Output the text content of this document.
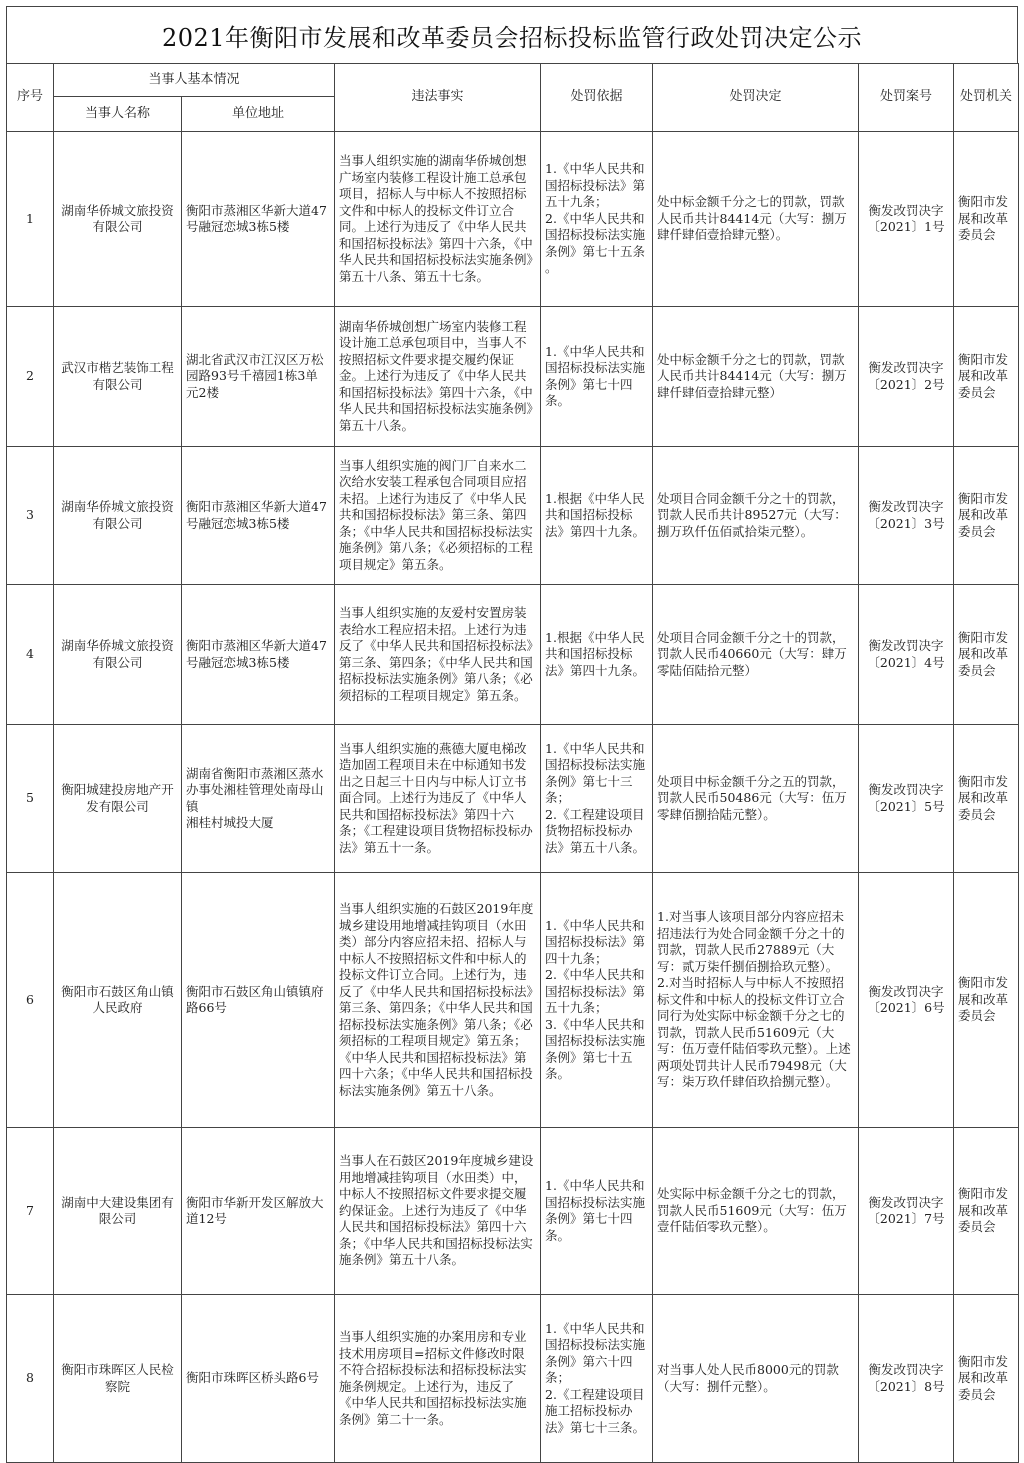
2021年衡阳市发展和改革委员会招标投标监管行政处罚决定公示
序号	当事人基本情况		违法事实	处罚依据	处罚决定	处罚案号	处罚机关
	当事人名称	单位地址					
1	湖南华侨城文旅投资有限公司	衡阳市蒸湘区华新大道47号融冠恋城3栋5楼	当事人组织实施的湖南华侨城创想广场室内装修工程设计施工总承包项目，招标人与中标人不按照招标文件和中标人的投标文件订立合同。上述行为违反了《中华人民共和国招标投标法》第四十六条，《中华人民共和国招标投标法实施条例》第五十八条、第五十七条。	1.《中华人民共和国招标投标法》第五十九条；
2.《中华人民共和国招标投标法实施条例》第七十五条 。	处中标金额千分之七的罚款，罚款人民币共计84414元（大写：捌万肆仟肆佰壹拾肆元整）。	衡发改罚决字〔2021〕1号	衡阳市发展和改革委员会
2	武汉市楷艺装饰工程有限公司	湖北省武汉市江汉区万松园路93号千禧园1栋3单元2楼	湖南华侨城创想广场室内装修工程设计施工总承包项目中，当事人不按照招标文件要求提交履约保证金。上述行为违反了《中华人民共和国招标投标法》第四十六条，《中华人民共和国招标投标法实施条例》第五十八条。	1.《中华人民共和国招标投标法实施条例》第七十四条。	处中标金额千分之七的罚款，罚款人民币共计84414元（大写：捌万肆仟肆佰壹拾肆元整）	衡发改罚决字〔2021〕2号	衡阳市发展和改革委员会
3	湖南华侨城文旅投资有限公司	衡阳市蒸湘区华新大道47号融冠恋城3栋5楼	当事人组织实施的阀门厂自来水二次给水安装工程承包合同项目应招未招。上述行为违反了《中华人民共和国招标投标法》第三条、第四条；《中华人民共和国招标投标法实施条例》第八条；《必须招标的工程项目规定》第五条。	1.根据《中华人民共和国招标投标法》第四十九条。	处项目合同金额千分之十的罚款，罚款人民币共计89527元（大写：捌万玖仟伍佰贰拾柒元整）。	衡发改罚决字〔2021〕3号	衡阳市发展和改革委员会
4	湖南华侨城文旅投资有限公司	衡阳市蒸湘区华新大道47号融冠恋城3栋5楼	当事人组织实施的友爱村安置房装表给水工程应招未招。上述行为违反了《中华人民共和国招标投标法》第三条、第四条；《中华人民共和国招标投标法实施条例》第八条；《必须招标的工程项目规定》第五条。	1.根据《中华人民共和国招标投标法》第四十九条。	处项目合同金额千分之十的罚款，罚款人民币40660元（大写：肆万零陆佰陆拾元整）	衡发改罚决字〔2021〕4号	衡阳市发展和改革委员会
5	衡阳城建投房地产开发有限公司	湖南省衡阳市蒸湘区蒸水办事处湘桂管理处南母山镇
湘桂村城投大厦	当事人组织实施的燕德大厦电梯改造加固工程项目未在中标通知书发出之日起三十日内与中标人订立书面合同。上述行为违反了《中华人民共和国招标投标法》第四十六条；《工程建设项目货物招标投标办法》第五十一条。	1.《中华人民共和国招标投标法实施条例》第七十三条；
2.《工程建设项目货物招标投标办法》第五十八条。	处项目中标金额千分之五的罚款，罚款人民币50486元（大写：伍万零肆佰捌拾陆元整）。	衡发改罚决字〔2021〕5号	衡阳市发展和改革委员会
6	衡阳市石鼓区角山镇人民政府	衡阳市石鼓区角山镇镇府路66号	当事人组织实施的石鼓区2019年度城乡建设用地增减挂钩项目（水田类）部分内容应招未招、招标人与中标人不按照招标文件和中标人的投标文件订立合同。上述行为，违反了《中华人民共和国招标投标法》第三条、第四条；《中华人民共和国招标投标法实施条例》第八条；《必须招标的工程项目规定》第五条；《中华人民共和国招标投标法》第四十六条；《中华人民共和国招标投标法实施条例》第五十八条。	1.《中华人民共和国招标投标法》第四十九条；
2.《中华人民共和国招标投标法》第五十九条；
3.《中华人民共和国招标投标法实施条例》第七十五条。	1.对当事人该项目部分内容应招未招违法行为处合同金额千分之十的罚款，罚款人民币27889元（大写：贰万柒仟捌佰捌拾玖元整）。 2.对当时招标人与中标人不按照招标文件和中标人的投标文件订立合同行为处实际中标金额千分之七的罚款，罚款人民币51609元（大写：伍万壹仟陆佰零玖元整）。上述两项处罚共计人民币79498元（大写：柒万玖仟肆佰玖拾捌元整）。	衡发改罚决字〔2021〕6号	衡阳市发展和改革委员会
7	湖南中大建设集团有限公司	衡阳市华新开发区解放大道12号	当事人在石鼓区2019年度城乡建设用地增减挂钩项目（水田类）中，中标人不按照招标文件要求提交履约保证金。上述行为违反了《中华人民共和国招标投标法》第四十六条；《中华人民共和国招标投标法实施条例》第五十八条。	1.《中华人民共和国招标投标法实施条例》第七十四条。	处实际中标金额千分之七的罚款，罚款人民币51609元（大写：伍万壹仟陆佰零玖元整）。	衡发改罚决字〔2021〕7号	衡阳市发展和改革委员会
8	衡阳市珠晖区人民检察院	衡阳市珠晖区桥头路6号	当事人组织实施的办案用房和专业技术用房项目=招标文件修改时限不符合招标投标法和招标投标法实施条例规定。上述行为，违反了《中华人民共和国招标投标法实施条例》第二十一条。	1.《中华人民共和国招标投标法实施条例》第六十四条；
2.《工程建设项目施工招标投标办法》第七十三条。	对当事人处人民币8000元的罚款（大写：捌仟元整）。	衡发改罚决字〔2021〕8号	衡阳市发展和改革委员会
